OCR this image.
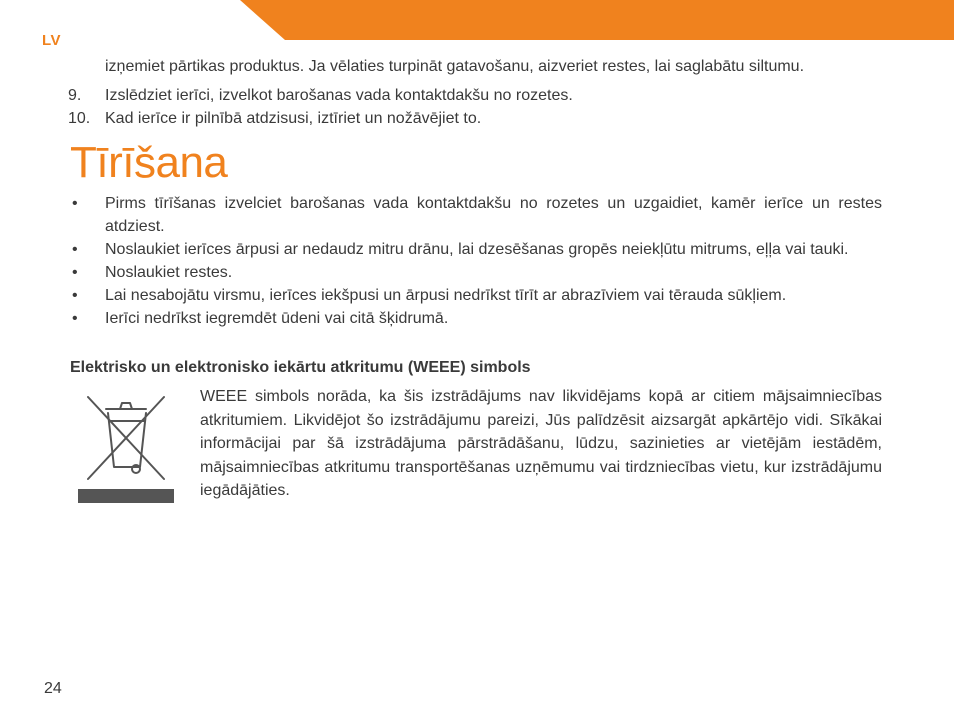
LV

izņemiet pārtikas produktus. Ja vēlaties turpināt gatavošanu, aizveriet restes, lai saglabātu siltumu.

9. Izslēdziet ierīci, izvelkot barošanas vada kontaktdakšu no rozetes.
10. Kad ierīce ir pilnībā atdzisusi, iztīriet un nožāvējiet to.
Tīrīšana
• Pirms tīrīšanas izvelciet barošanas vada kontaktdakšu no rozetes un uzgaidiet, kamēr ierīce un restes atdziest.
• Noslaukiet ierīces ārpusi ar nedaudz mitru drānu, lai dzesēšanas gropēs neiekļūtu mitrums, eļļa vai tauki.
• Noslaukiet restes.
• Lai nesabojātu virsmu, ierīces iekšpusi un ārpusi nedrīkst tīrīt ar abrazīviem vai tērauda sūkļiem.
• Ierīci nedrīkst iegremdēt ūdeni vai citā šķidrumā.
Elektrisko un elektronisko iekārtu atkritumu (WEEE) simbols
WEEE simbols norāda, ka šis izstrādājums nav likvidējams kopā ar citiem mājsaimniecības atkritumiem. Likvidējot šo izstrādājumu pareizi, Jūs palīdzēsit aizsargāt apkārtējo vidi. Sīkākai informācijai par šā izstrādājuma pārstrādāšanu, lūdzu, sazinieties ar vietējām iestādēm, mājsaimniecības atkritumu transportēšanas uzņēmumu vai tirdzniecības vietu, kur izstrādājumu iegādājāties.
24
